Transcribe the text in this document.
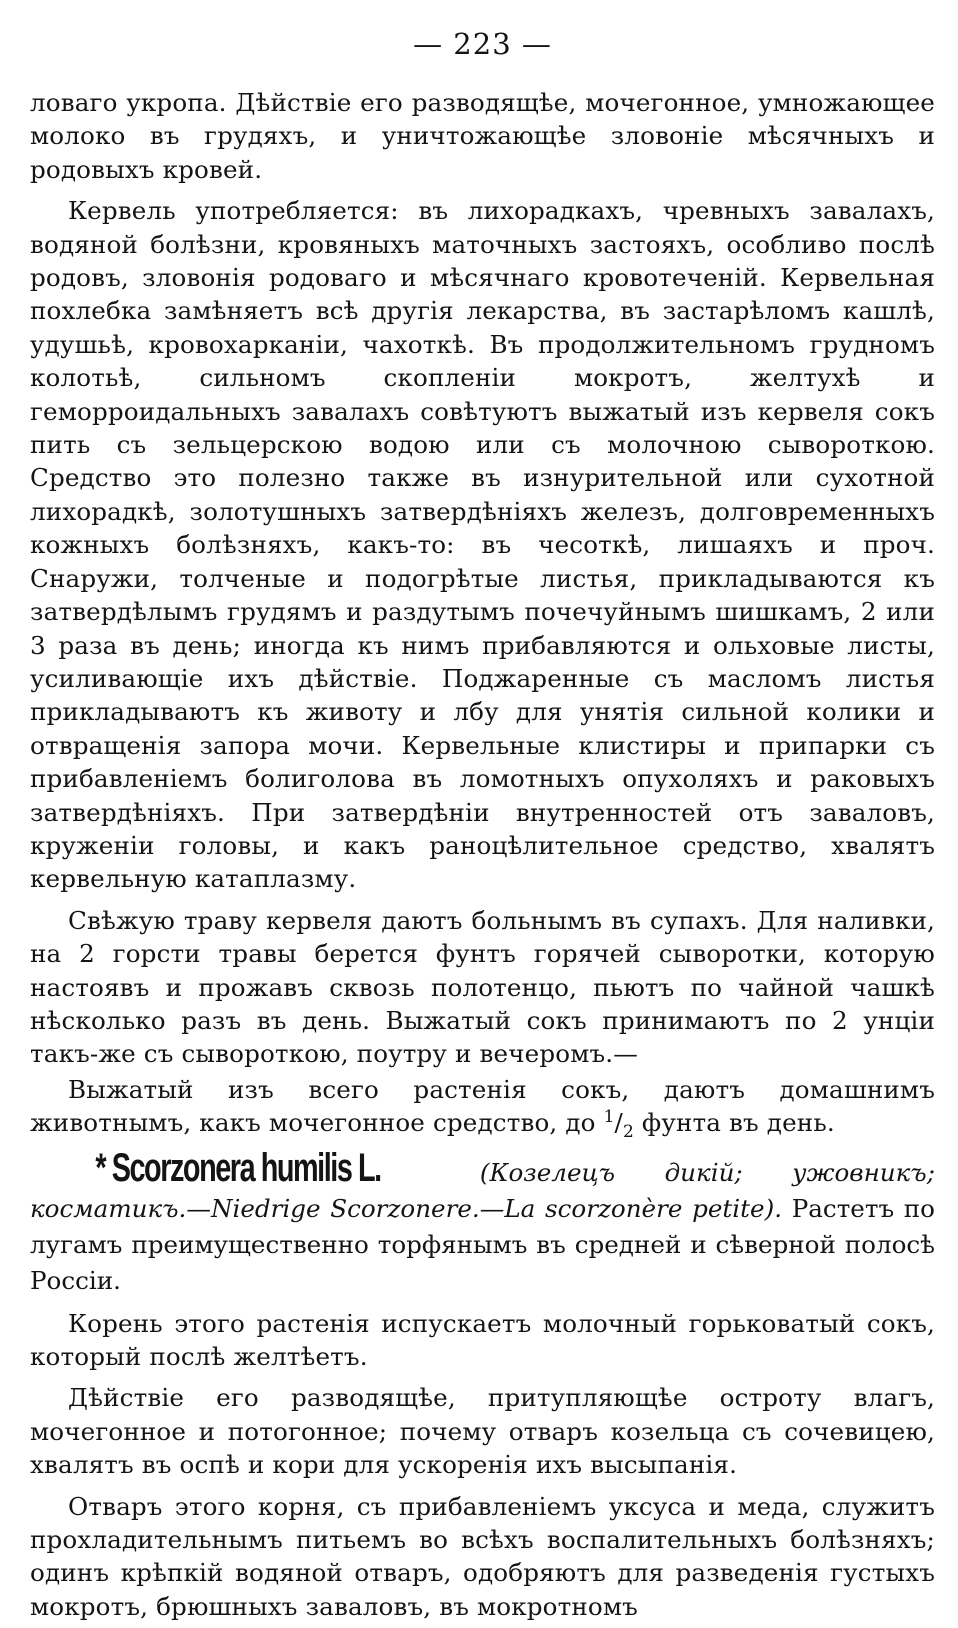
— 223 —

ловаго укропа. Дѣйствіе его разводящѣе, мочегонное, умножающее молоко въ грудяхъ, и уничтожающѣе зловоніе мѣсячныхъ и родовыхъ кровей.

Кервель употребляется: въ лихорадкахъ, чревныхъ завалахъ, водяной болѣзни, кровяныхъ маточныхъ застояхъ, особливо послѣ родовъ, зловонія родоваго и мѣсячнаго кровотеченій. Кервельная похлебка замѣняетъ всѣ другія лекарства, въ застарѣломъ кашлѣ, удушьѣ, кровохарканіи, чахоткѣ. Въ продолжительномъ грудномъ колотьѣ, сильномъ скопленіи мокротъ, желтухѣ и геморроидальныхъ завалахъ совѣтуютъ выжатый изъ кервеля сокъ пить съ зельцерскою водою или съ молочною сывороткою. Средство это полезно также въ изнурительной или сухотной лихорадкѣ, золотушныхъ затвердѣніяхъ железъ, долговременныхъ кожныхъ болѣзняхъ, какъ-то: въ чесоткѣ, лишаяхъ и проч. Снаружи, толченые и подогрѣтые листья, прикладываются къ затвердѣлымъ грудямъ и раздутымъ почечуйнымъ шишкамъ, 2 или 3 раза въ день; иногда къ нимъ прибавляются и ольховые листы, усиливающіе ихъ дѣйствіе. Поджаренные съ масломъ листья прикладываютъ къ животу и лбу для унятія сильной колики и отвращенія запора мочи. Кервельные клистиры и припарки съ прибавленіемъ болиголова въ ломотныхъ опухоляхъ и раковыхъ затвердѣніяхъ. При затвердѣніи внутренностей отъ заваловъ, круженіи головы, и какъ раноцѣлительное средство, хвалятъ кервельную катаплазму.

Свѣжую траву кервеля даютъ больнымъ въ супахъ. Для наливки, на 2 горсти травы берется фунтъ горячей сыворотки, которую настоявъ и прожавъ сквозь полотенцо, пьютъ по чайной чашкѣ нѣсколько разъ въ день. Выжатый сокъ принимаютъ по 2 унціи такъ-же съ сывороткою, поутру и вечеромъ.—

Выжатый изъ всего растенія сокъ, даютъ домашнимъ животнымъ, какъ мочегонное средство, до $^1/_2$ фунта въ день.

* Scorzonera humilis L.	(Козелецъ дикій; ужовникъ; косматикъ.—Niedrige Scorzonere.—La scorzonère petite). Растетъ по лугамъ преимущественно торфянымъ въ средней и сѣверной полосѣ Россіи.

Корень этого растенія испускаетъ молочный горьковатый сокъ, который послѣ желтѣетъ.

Дѣйствіе его разводящѣе, притупляющѣе остроту влагъ, мочегонное и потогонное; почему отваръ козельца съ сочевицею, хвалятъ въ оспѣ и кори для ускоренія ихъ высыпанія.

Отваръ этого корня, съ прибавленіемъ уксуса и меда, служитъ прохладительнымъ питьемъ во всѣхъ воспалительныхъ болѣзняхъ; одинъ крѣпкій водяной отваръ, одобряютъ для разведенія густыхъ мокротъ, брюшныхъ заваловъ, въ мокротномъ
